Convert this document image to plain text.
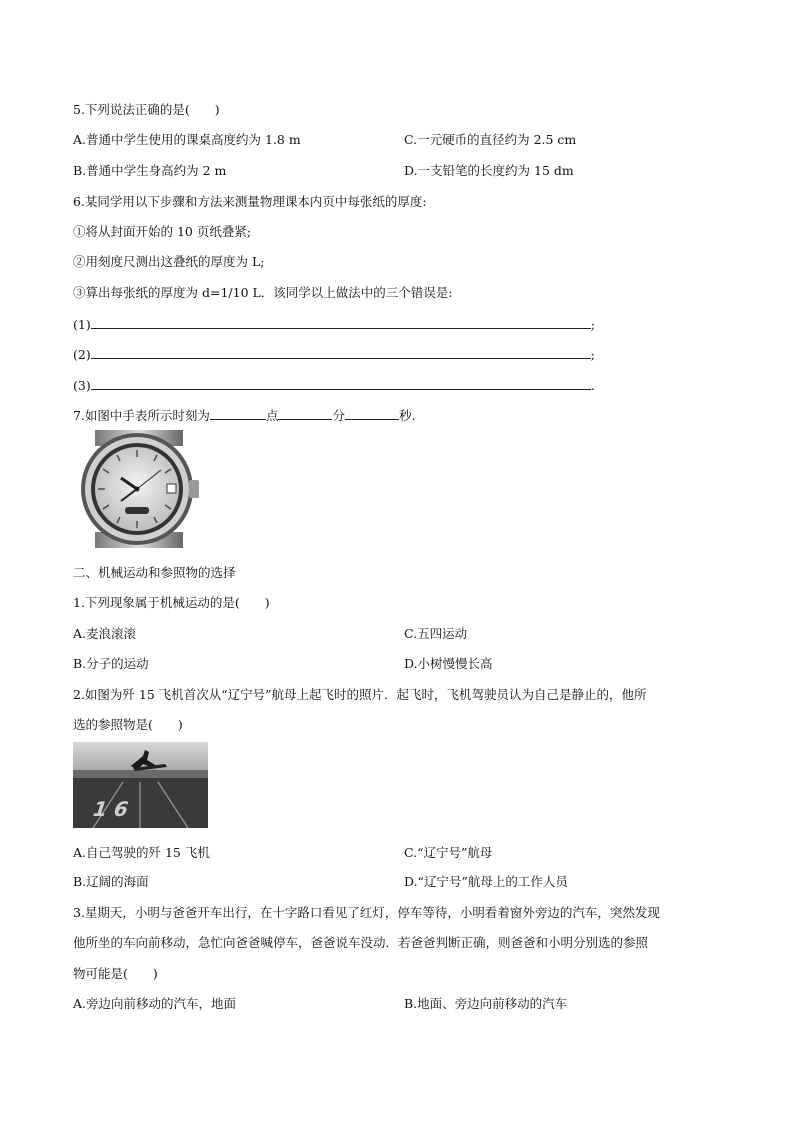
5.下列说法正确的是(　　)
A.普通中学生使用的课桌高度约为 1.8 m	C.一元硬币的直径约为 2.5 cm
B.普通中学生身高约为 2 m	D.一支铅笔的长度约为 15 dm
6.某同学用以下步骤和方法来测量物理课本内页中每张纸的厚度:
①将从封面开始的 10 页纸叠紧;
②用刻度尺测出这叠纸的厚度为 L;
③算出每张纸的厚度为 d=1/10 L．该同学以上做法中的三个错误是:
(1)	;
(2)	;
(3)	.
7.如图中手表所示时刻为	点	分	秒.
二、机械运动和参照物的选择
1.下列现象属于机械运动的是(　　)
A.麦浪滚滚	C.五四运动
B.分子的运动	D.小树慢慢长高
2.如图为歼 15 飞机首次从“辽宁号”航母上起飞时的照片．起飞时，飞机驾驶员认为自己是静止的，他所
选的参照物是(　　)
1 6
A.自己驾驶的歼 15 飞机	C.“辽宁号”航母
B.辽阔的海面	D.“辽宁号”航母上的工作人员
3.星期天，小明与爸爸开车出行，在十字路口看见了红灯，停车等待，小明看着窗外旁边的汽车，突然发现
他所坐的车向前移动，急忙向爸爸喊停车，爸爸说车没动．若爸爸判断正确，则爸爸和小明分别选的参照
物可能是(　　)
A.旁边向前移动的汽车，地面	B.地面、旁边向前移动的汽车
